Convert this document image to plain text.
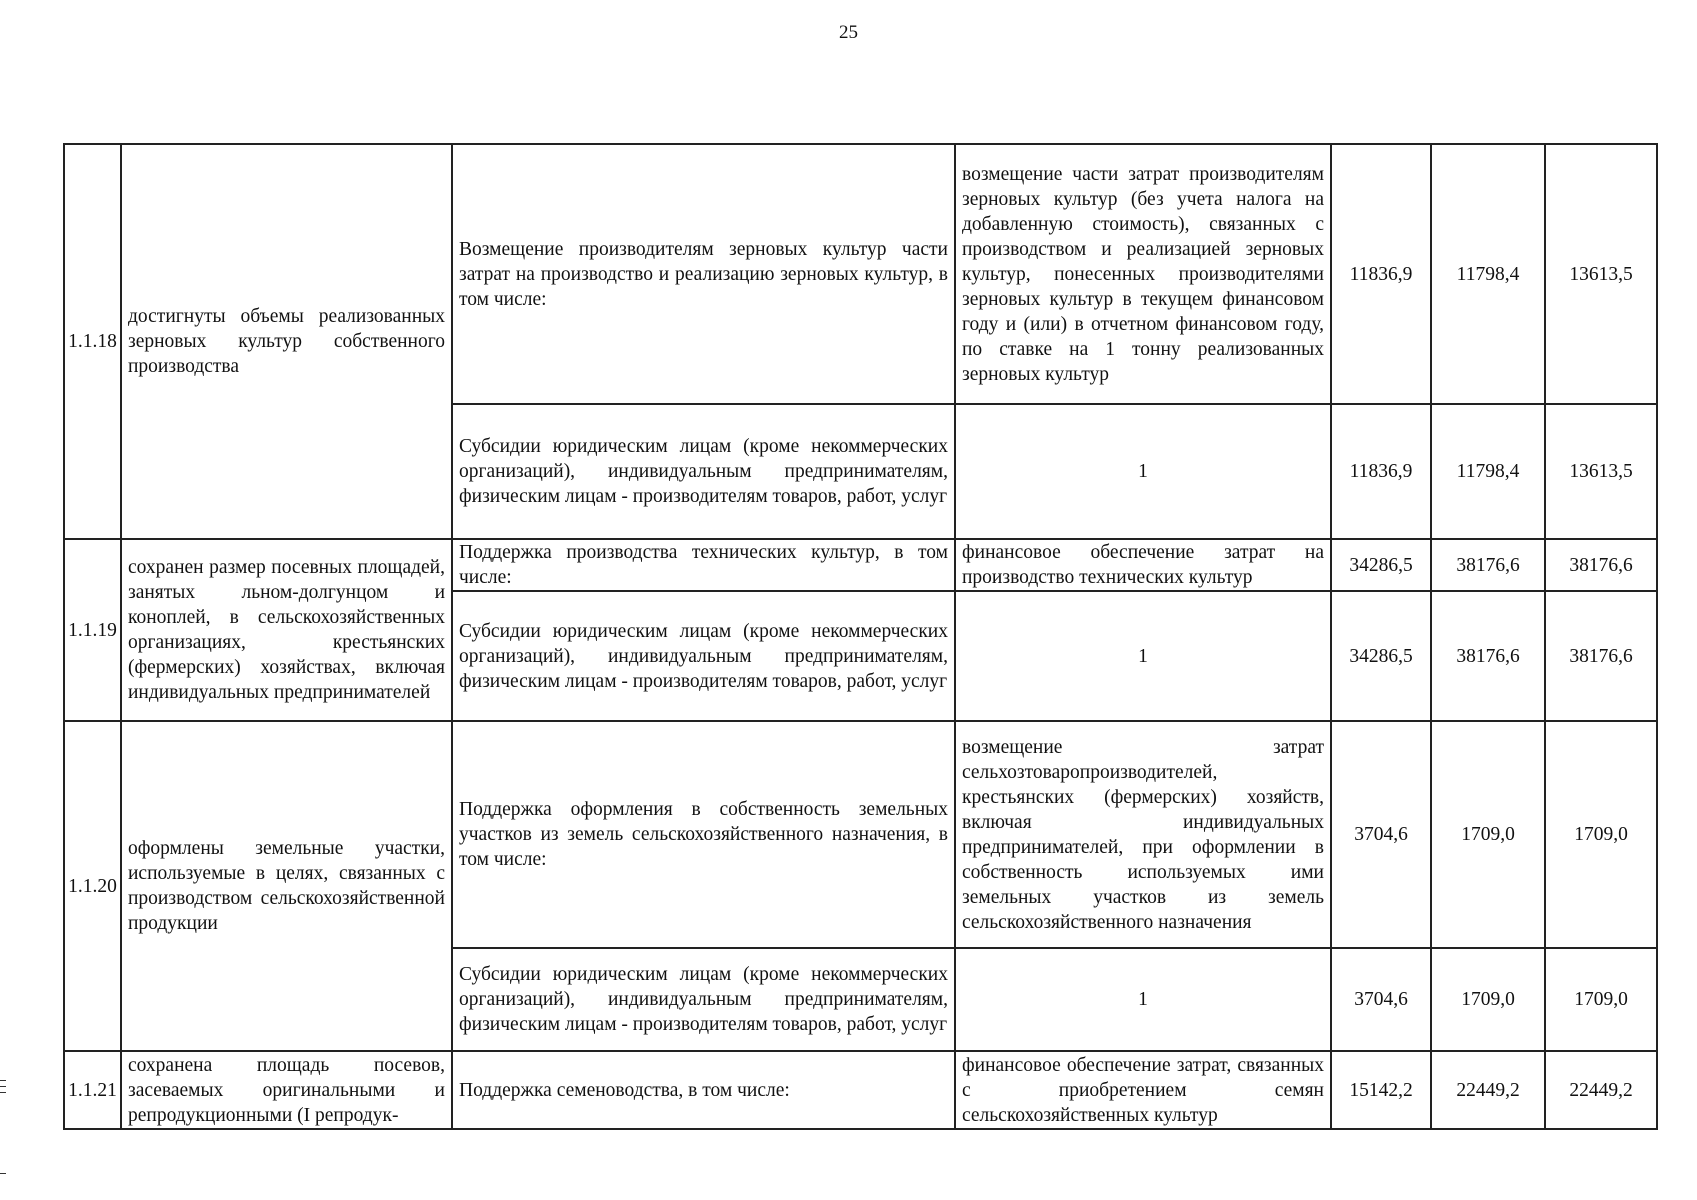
25
1.1.18	достигнуты объемы реализованных зерновых культур собственного производства	Возмещение производителям зерновых культур части затрат на производство и реализацию зерновых культур, в том числе:	возмещение части затрат производителям зерновых культур (без учета налога на добавленную стоимость), связанных с производством и реализацией зерновых культур, понесенных производителями зерновых культур в текущем финансовом году и (или) в отчетном финансовом году, по ставке на 1 тонну реализованных зерновых культур	11836,9	11798,4	13613,5
		Субсидии юридическим лицам (кроме некоммерческих организаций), индивидуальным предпринимателям, физическим лицам - производителям товаров, работ, услуг	1	11836,9	11798,4	13613,5
1.1.19	сохранен размер посевных площадей, занятых льном-долгунцом и коноплей, в сельскохозяйственных организациях, крестьянских (фермерских) хозяйствах, включая индивидуальных предпринимателей	Поддержка производства технических культур, в том числе:	финансовое обеспечение затрат на производство технических культур	34286,5	38176,6	38176,6
		Субсидии юридическим лицам (кроме некоммерческих организаций), индивидуальным предпринимателям, физическим лицам - производителям товаров, работ, услуг	1	34286,5	38176,6	38176,6
1.1.20	оформлены земельные участки, используемые в целях, связанных с производством сельскохозяйственной продукции	Поддержка оформления в собственность земельных участков из земель сельскохозяйственного назначения, в том числе:	возмещение затрат сельхозтоваропроизводителей, крестьянских (фермерских) хозяйств, включая индивидуальных предпринимателей, при оформлении в собственность используемых ими земельных участков из земель сельскохозяйственного назначения	3704,6	1709,0	1709,0
		Субсидии юридическим лицам (кроме некоммерческих организаций), индивидуальным предпринимателям, физическим лицам - производителям товаров, работ, услуг	1	3704,6	1709,0	1709,0
1.1.21	сохранена площадь посевов, засеваемых оригинальными и репродукционными (I репродук-	Поддержка семеноводства, в том числе:	финансовое обеспечение затрат, связанных с приобретением семян сельскохозяйственных культур	15142,2	22449,2	22449,2
